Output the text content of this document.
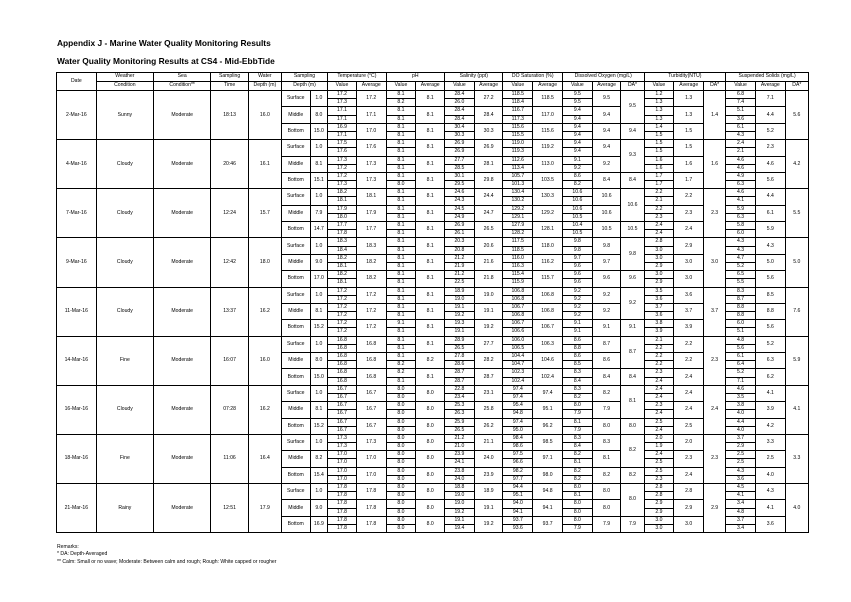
Appendix J - Marine Water Quality Monitoring Results
Water Quality Monitoring Results at CS4 - Mid-EbbTide
Date	Weather	Sea	Sampling	Water	Sampling		Temperature (°C)		pH		Salinity (ppt)		DO Saturation (%)		Dissolved Oxygen (mg/L)			Turbidity(NTU)			Suspended Solids (mg/L)		
	Condition	Condition**	Time	Depth (m)	Depth (m)		Value	Average	Value	Average	Value	Average	Value	Average	Value	Average	DA*	Value	Average	DA*	Value	Average	DA*
2-Mar-16	Sunny	Moderate	18:13	16.0	Surface	1.0	17.2	17.2	8.1	8.1	28.4	27.2	118.5	118.5	9.5	9.5	9.5	1.2	1.3	1.4	6.8	7.1	5.6
							17.3		8.2		26.0		118.4		9.5			1.3			7.4		
					Middle	8.0	17.1	17.1	8.1	8.1	28.4	28.4	116.7	117.0	9.4	9.4		1.3	1.3		5.1	4.4	
							17.1		8.1		28.4		117.3		9.4			1.3			3.6		
					Bottom	15.0	16.9	17.0	8.1	8.1	30.4	30.3	115.6	115.6	9.4	9.4	9.4	1.4	1.5		6.1	5.2	
							17.1		8.1		30.3		115.5		9.4			1.5			4.3		
4-Mar-16	Cloudy	Moderate	20:46	16.1	Surface	1.0	17.5	17.6	8.1	8.1	26.9	26.9	119.0	119.2	9.4	9.4	9.3	1.5	1.5	1.6	2.4	2.3	4.2
							17.6		8.1		26.9		119.3		9.4			1.5			2.1		
					Middle	8.1	17.3	17.3	8.1	8.1	27.7	28.1	112.6	113.0	9.1	9.2		1.6	1.6		4.6	4.6	
							17.2		8.1		28.5		113.4		9.2			1.6			4.6		
					Bottom	15.1	17.2	17.3	8.1	8.1	30.1	29.8	105.7	103.5	8.6	8.4	8.4	1.7	1.7		4.9	5.6	
							17.3		8.0		29.5		101.3		8.2			1.7			6.3		
7-Mar-16	Cloudy	Moderate	12:24	15.7	Surface	1.0	18.2	18.1	8.1	8.1	24.6	24.4	130.4	130.3	10.6	10.6	10.6	2.2	2.2	2.3	4.6	4.4	5.5
							18.1		8.1		24.3		130.2		10.6			2.1			4.1		
					Middle	7.9	17.9	17.9	8.1	8.1	24.5	24.7	129.2	129.2	10.6	10.6		2.2	2.3		5.9	6.1	
							18.0		8.1		24.9		129.1		10.5			2.3			6.3		
					Bottom	14.7	17.7	17.7	8.1	8.1	26.9	26.5	127.9	128.1	10.4	10.5	10.5	2.4	2.4		5.8	5.9	
							17.8		8.1		26.1		128.2		10.5			2.4			6.0		
9-Mar-16	Cloudy	Moderate	12:42	18.0	Surface	1.0	18.3	18.3	8.1	8.1	20.3	20.6	117.5	118.0	9.8	9.8	9.8	2.8	2.9	3.0	4.3	4.3	5.0
							18.4		8.1		20.8		118.5		9.8			3.0			4.3		
					Middle	9.0	18.2	18.2	8.1	8.1	21.2	21.6	116.0	116.2	9.7	9.7		3.0	3.0		4.7	5.0	
							18.1		8.1		21.9		116.3		9.6			2.9			5.2		
					Bottom	17.0	18.2	18.2	8.1	8.1	21.2	21.8	115.4	115.7	9.6	9.6	9.6	3.0	3.0		6.5	5.6	
							18.1		8.1		22.5		115.9		9.6			2.9			5.5		
11-Mar-16	Cloudy	Moderate	13:37	16.2	Surface	1.0	17.2	17.2	8.1	8.1	18.9	19.0	106.8	106.8	9.2	9.2	9.2	3.5	3.6	3.7	8.3	8.5	7.6
							17.2		8.1		19.0		106.8		9.2			3.6			8.7		
					Middle	8.1	17.2	17.2	8.1	8.1	19.1	19.1	106.7	106.8	9.2	9.2		3.7	3.7		8.8	8.8	
							17.2		8.1		19.2		106.8		9.2			3.6			8.8		
					Bottom	15.2	17.2	17.2	9.1	8.1	19.3	19.2	106.7	106.7	9.1	9.1	9.1	3.8	3.9		6.0	5.6	
							17.2		8.1		19.1		106.6		9.1			3.9			5.1		
14-Mar-16	Fine	Moderate	16:07	16.0	Surface	1.0	16.8	16.8	8.1	8.1	28.9	27.7	106.0	106.3	8.6	8.7	8.7	2.1	2.2	2.3	4.8	5.2	5.9
							16.8		8.1		26.5		106.5		8.8			2.2			5.6		
					Middle	8.0	16.8	16.8	8.1	8.2	27.8	28.2	104.4	104.6	8.6	8.6		2.2	2.2		6.1	6.3	
							16.8		8.2		28.6		104.7		8.5			2.2			6.4		
					Bottom	15.0	16.8	16.8	8.2	8.1	28.7	28.7	102.3	102.4	8.3	8.4	8.4	2.3	2.4		5.2	6.2	
							16.8		8.1		28.7		102.4		8.4			2.4			7.1		
16-Mar-16	Cloudy	Moderate	07:28	16.2	Surface	1.0	16.7	16.7	8.0	8.0	22.8	23.1	97.4	97.4	8.3	8.2	8.1	2.4	2.4	2.4	4.6	4.1	4.1
							16.7		8.0		23.4		97.4		8.2			2.4			3.5		
					Middle	8.1	16.7	16.7	8.0	8.0	25.3	25.8	95.4	95.1	8.0	7.9		2.3	2.4		3.8	3.9	
							16.7		8.0		26.3		94.8		7.9			2.4			4.0		
					Bottom	15.2	16.7	16.7	8.0	8.0	25.9	26.2	97.4	96.2	8.1	8.0	8.0	2.5	2.5		4.4	4.2	
							16.7		8.0		26.5		95.0		7.9			2.4			4.0		
18-Mar-16	Fine	Moderate	11:06	16.4	Surface	1.0	17.3	17.3	8.0	8.0	21.2	21.1	98.4	98.5	8.3	8.3	8.2	2.0	2.0	2.3	3.7	3.3	3.3
							17.3		8.0		21.0		98.6		8.4			1.9			2.9		
					Middle	8.2	17.0	17.0	8.0	8.0	23.9	24.0	97.5	97.1	8.2	8.1		2.4	2.3		2.5	2.5	
							17.0		8.0		24.1		96.6		8.1			2.5			2.5		
					Bottom	15.4	17.0	17.0	8.0	8.0	23.8	23.9	98.2	98.0	8.2	8.2	8.2	2.5	2.4		4.3	4.0	
							17.0		8.0		24.0		97.7		8.2			2.3			3.6		
21-Mar-16	Rainy	Moderate	12:51	17.9	Surface	1.0	17.8	17.8	8.0	8.0	18.8	18.9	94.4	94.8	8.0	8.0	8.0	2.8	2.8	2.9	4.5	4.3	4.0
							17.8		8.0		19.0		95.1		8.1			2.8			4.1		
					Middle	9.0	17.8	17.8	8.0	8.0	19.0	19.1	94.0	94.1	8.0	8.0		2.9	2.9		3.4	4.1	
							17.8		8.0		19.2		94.1		8.0			2.9			4.8		
					Bottom	16.9	17.8	17.8	8.0	8.0	19.1	19.2	93.7	93.7	8.0	7.9	7.9	3.0	3.0		3.7	3.6	
							17.8		8.0		19.4		93.6		7.9			3.0			3.4		
Remarks:
* DA: Depth-Averaged
** Calm: Small or no wave; Moderate: Between calm and rough; Rough: White capped or rougher
